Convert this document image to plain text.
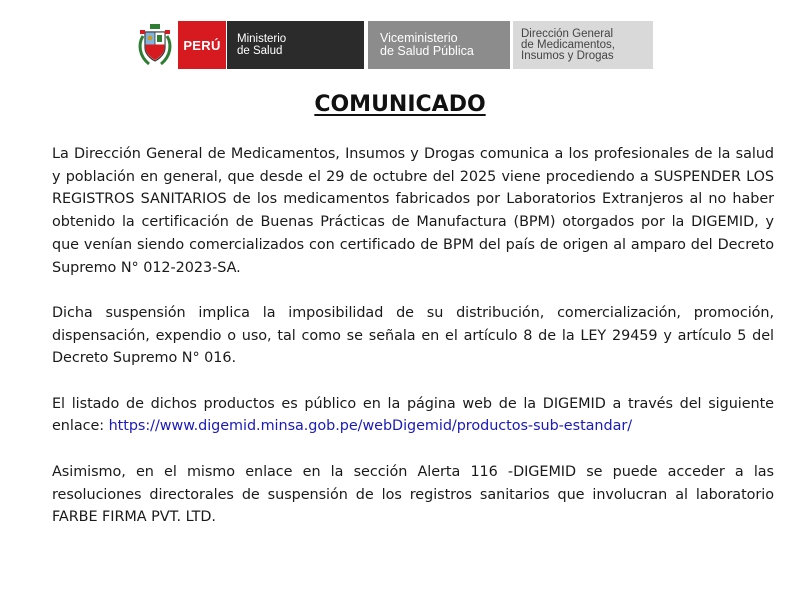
PERÚ Ministerio
de Salud
Viceministerio
de Salud Pública
Dirección General
de Medicamentos,
Insumos y Drogas
COMUNICADO

La Dirección General de Medicamentos, Insumos y Drogas comunica a los profesionales de la salud y población en general, que desde el 29 de octubre del 2025 viene procediendo a SUSPENDER LOS REGISTROS SANITARIOS de los medicamentos fabricados por Laboratorios Extranjeros al no haber obtenido la certificación de Buenas Prácticas de Manufactura (BPM) otorgados por la DIGEMID, y que venían siendo comercializados con certificado de BPM del país de origen al amparo del Decreto Supremo N° 012-2023-SA.

Dicha suspensión implica la imposibilidad de su distribución, comercialización, promoción, dispensación, expendio o uso, tal como se señala en el artículo 8 de la LEY 29459 y artículo 5 del Decreto Supremo N° 016.

El listado de dichos productos es público en la página web de la DIGEMID a través del siguiente enlace: https://www.digemid.minsa.gob.pe/webDigemid/productos-sub-estandar/

Asimismo, en el mismo enlace en la sección Alerta 116 -DIGEMID se puede acceder a las resoluciones directorales de suspensión de los registros sanitarios que involucran al laboratorio FARBE FIRMA PVT. LTD.
